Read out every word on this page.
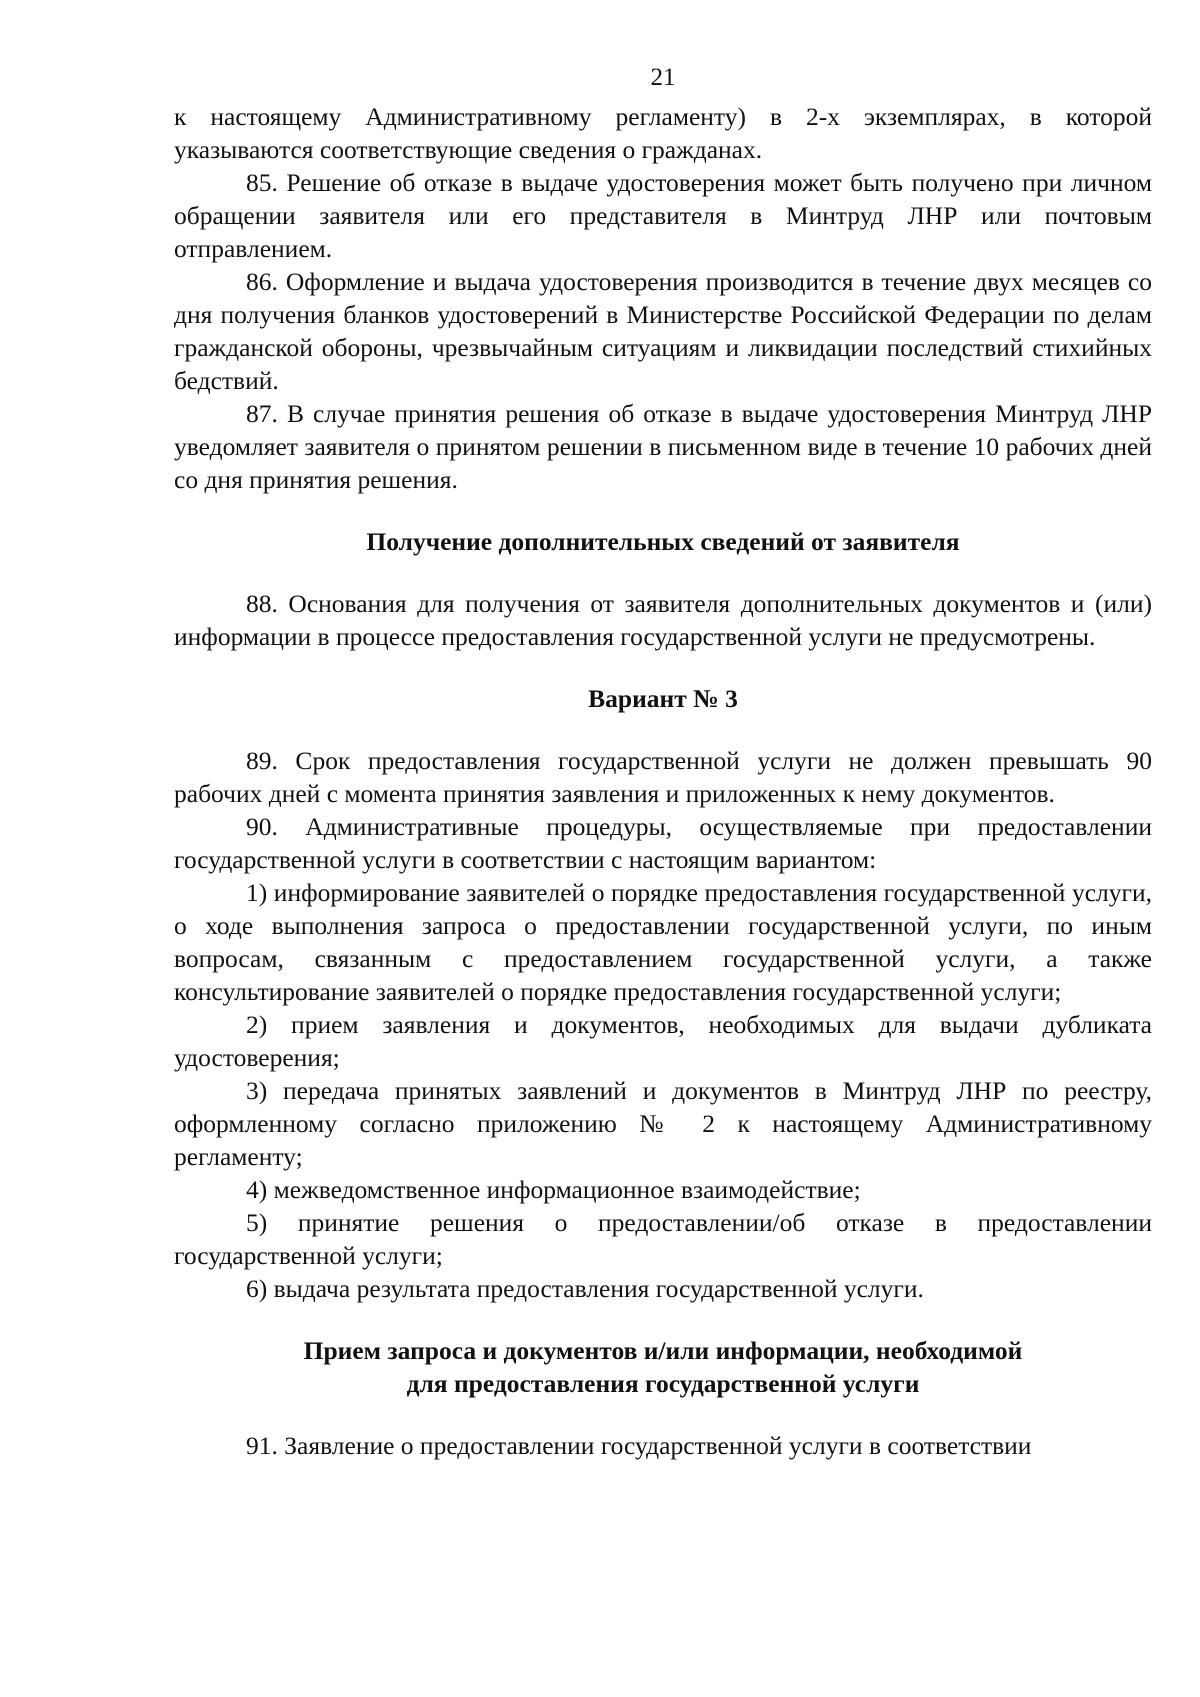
21

к настоящему Административному регламенту) в 2-х экземплярах, в которой указываются соответствующие сведения о гражданах.

85. Решение об отказе в выдаче удостоверения может быть получено при личном обращении заявителя или его представителя в Минтруд ЛНР или почтовым отправлением.

86. Оформление и выдача удостоверения производится в течение двух месяцев со дня получения бланков удостоверений в Министерстве Российской Федерации по делам гражданской обороны, чрезвычайным ситуациям и ликвидации последствий стихийных бедствий.

87. В случае принятия решения об отказе в выдаче удостоверения Минтруд ЛНР уведомляет заявителя о принятом решении в письменном виде в течение 10 рабочих дней со дня принятия решения.

Получение дополнительных сведений от заявителя

88. Основания для получения от заявителя дополнительных документов и (или) информации в процессе предоставления государственной услуги не предусмотрены.

Вариант № 3

89. Срок предоставления государственной услуги не должен превышать 90 рабочих дней с момента принятия заявления и приложенных к нему документов.

90. Административные процедуры, осуществляемые при предоставлении государственной услуги в соответствии с настоящим вариантом:

1) информирование заявителей о порядке предоставления государственной услуги, о ходе выполнения запроса о предоставлении государственной услуги, по иным вопросам, связанным с предоставлением государственной услуги, а также консультирование заявителей о порядке предоставления государственной услуги;

2) прием заявления и документов, необходимых для выдачи дубликата удостоверения;

3) передача принятых заявлений и документов в Минтруд ЛНР по реестру, оформленному согласно приложению № 2 к настоящему Административному регламенту;

4) межведомственное информационное взаимодействие;

5) принятие решения о предоставлении/об отказе в предоставлении государственной услуги;

6) выдача результата предоставления государственной услуги.

Прием запроса и документов и/или информации, необходимой

для предоставления государственной услуги

91. Заявление о предоставлении государственной услуги в соответствии
